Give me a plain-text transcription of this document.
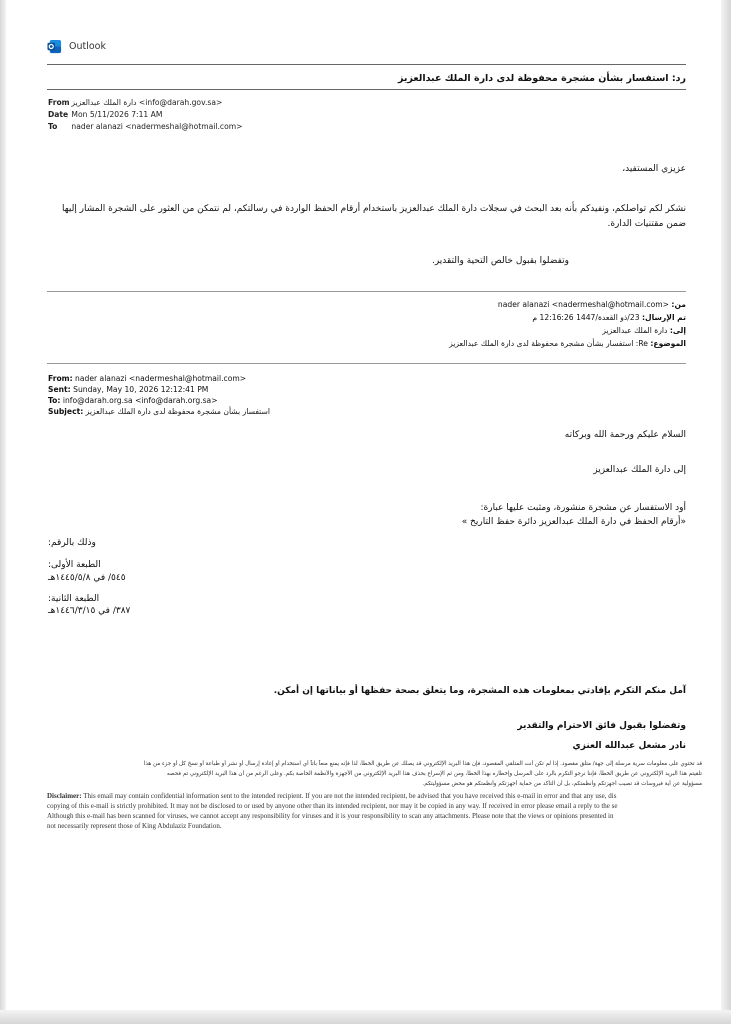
Outlook
رد: استفسار بشأن مشجرة محفوظة لدى دارة الملك عبدالعزيز
From دارة الملك عبدالعزيز <info@darah.gov.sa>
Date Mon 5/11/2026 7:11 AM
To nader alanazi <nadermeshal@hotmail.com>
عزيزي المستفيد،
نشكر لكم تواصلكم، ونفيدكم بأنه بعد البحث في سجلات دارة الملك عبدالعزيز باستخدام أرقام الحفظ الواردة في رسالتكم، لم نتمكن من العثور على الشجرة المشار إليها ضمن مقتنيات الدارة.
وتفضلوا بقبول خالص التحية والتقدير.
من: nader alanazi <nadermeshal@hotmail.com>
تم الإرسال: 23/ذو القعدة/1447 12:16:26 م
إلى: دارة الملك عبدالعزيز
الموضوع: Re: استفسار بشأن مشجرة محفوظة لدى دارة الملك عبدالعزيز
From: nader alanazi <nadermeshal@hotmail.com>
Sent: Sunday, May 10, 2026 12:12:41 PM
To: info@darah.org.sa <info@darah.org.sa>
Subject: استفسار بشأن مشجرة محفوظة لدى دارة الملك عبدالعزيز
السلام عليكم ورحمة الله وبركاته
إلى دارة الملك عبدالعزيز
أود الاستفسار عن مشجرة منشورة، ومثبت عليها عبارة:
«أرقام الحفظ في دارة الملك عبدالعزيز دائرة حفظ التاريخ »
وذلك بالرقم:
الطبعة الأولى:
٥٤٥/ في ١٤٤٥/٥/٨هـ
الطبعة الثانية:
٣٨٧/ في ١٤٤٦/٣/١٥هـ
آمل منكم التكرم بإفادتي بمعلومات هذه المشجرة، وما يتعلق بصحة حفظها أو بياناتها إن أمكن.
وتفضلوا بقبول فائق الاحترام والتقدير
نادر مشعل عبدالله العنزي
قد تحتوي على معلومات سرية مرسلة إلى جهة/ متلق مقصود. إذا لم تكن أنت المتلقي المقصود، فإن هذا البريد الإلكتروني قد يصلك عن طريق الخطأ، لذا فإنه يمنع منعاً باتاً أي استخدام أو إعادة إرسال أو نشر أو طباعة أو نسخ كل أو جزء من هذا
تلقيتم هذا البريد الإلكتروني عن طريق الخطأ، فإننا نرجو التكرم بالرد على المرسل وإخطاره بهذا الخطأ، ومن ثم الإسراع بحذف هذا البريد الإلكتروني من الأجهزة والأنظمة الخاصة بكم. وعلى الرغم من أن هذا البريد الإلكتروني تم فحصه
مسؤولية عن أية فيروسات قد تصيب أجهزتكم وأنظمتكم، بل أن التأكد من حماية أجهزتكم وأنظمتكم هو محض مسؤوليتكم.
Disclaimer: This email may contain confidential information sent to the intended recipient. If you are not the intended recipient, be advised that you have received this e-mail in error and that any use, dis
copying of this e-mail is strictly prohibited. It may not be disclosed to or used by anyone other than its intended recipient, nor may it be copied in any way. If received in error please email a reply to the se
Although this e-mail has been scanned for viruses, we cannot accept any responsibility for viruses and it is your responsibility to scan any attachments. Please note that the views or opinions presented in
not necessarily represent those of King Abdulaziz Foundation.
